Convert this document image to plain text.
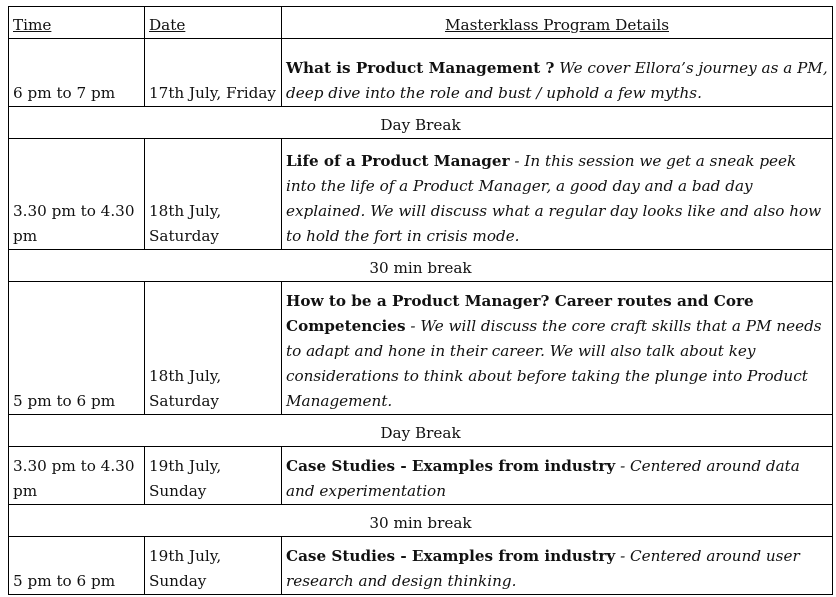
Time	Date	Masterklass Program Details
6 pm to 7 pm	17th July, Friday	What is Product Management ? We cover Ellora’s journey as a PM, deep dive into the role and bust / uphold a few myths.
Day Break		
3.30 pm to 4.30 pm	18th July, Saturday	Life of a Product Manager - In this session we get a sneak peek into the life of a Product Manager, a good day and a bad day explained. We will discuss what a regular day looks like and also how to hold the fort in crisis mode.
30 min break		
5 pm to 6 pm	18th July, Saturday	How to be a Product Manager? Career routes and Core Competencies - We will discuss the core craft skills that a PM needs to adapt and hone in their career. We will also talk about key considerations to think about before taking the plunge into Product Management.
Day Break		
3.30 pm to 4.30 pm	19th July, Sunday	Case Studies - Examples from industry - Centered around data and experimentation
30 min break		
5 pm to 6 pm	19th July, Sunday	Case Studies - Examples from industry - Centered around user research and design thinking.
